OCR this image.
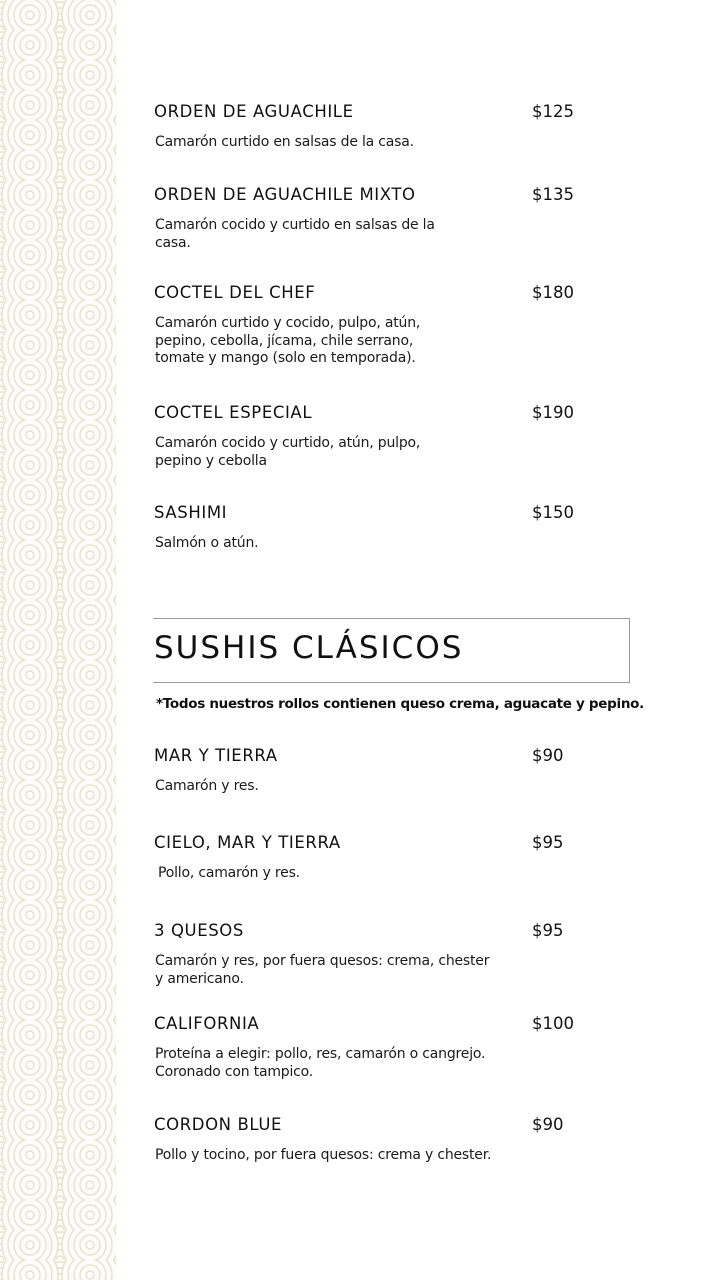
ORDEN DE AGUACHILE	$125
Camarón curtido en salsas de la casa.
ORDEN DE AGUACHILE MIXTO	$135
Camarón cocido y curtido en salsas de la casa.
COCTEL DEL CHEF	$180
Camarón curtido y cocido, pulpo, atún, pepino, cebolla, jícama, chile serrano, tomate y mango (solo en temporada).
COCTEL ESPECIAL	$190
Camarón cocido y curtido, atún, pulpo, pepino y cebolla
SASHIMI	$150
Salmón o atún.
SUSHIS CLÁSICOS
*Todos nuestros rollos contienen queso crema, aguacate y pepino.
MAR Y TIERRA	$90
Camarón y res.
CIELO, MAR Y TIERRA	$95
Pollo, camarón y res.
3 QUESOS	$95
Camarón y res, por fuera quesos: crema, chester y americano.
CALIFORNIA	$100
Proteína a elegir: pollo, res, camarón o cangrejo. Coronado con tampico.
CORDON BLUE	$90
Pollo y tocino, por fuera quesos: crema y chester.
